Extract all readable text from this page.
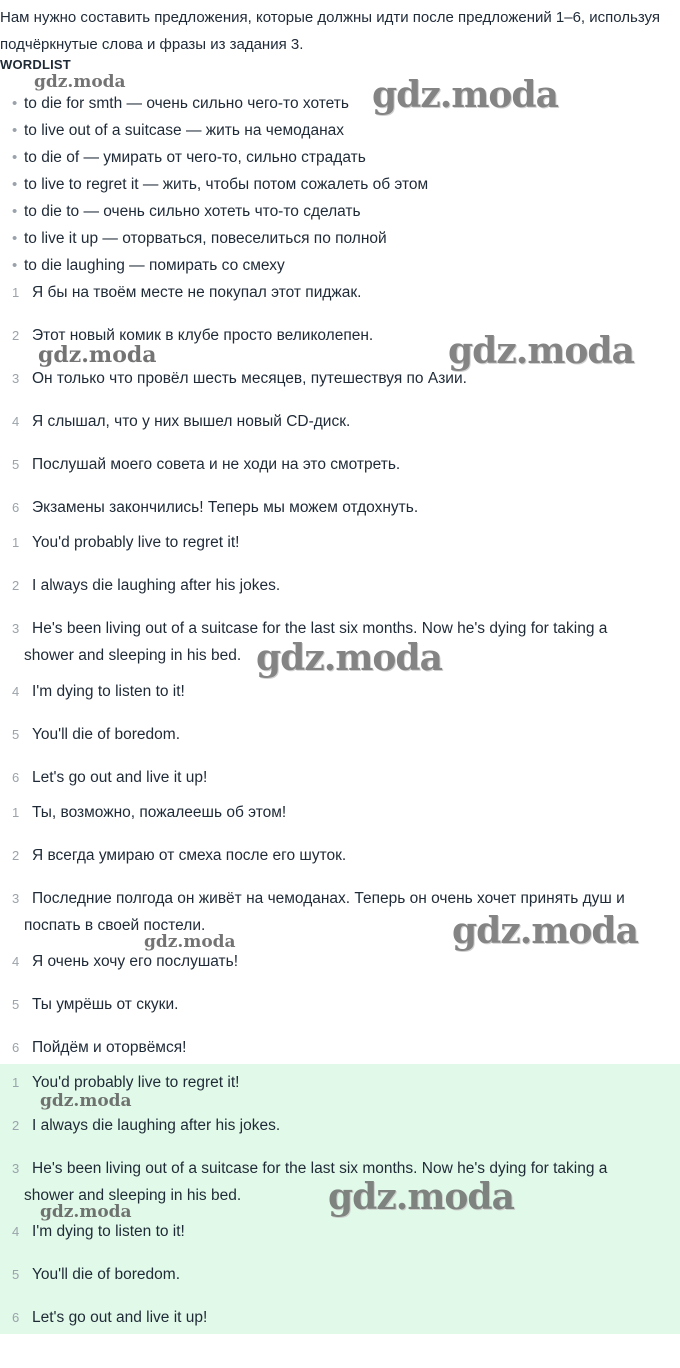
Нам нужно составить предложения, которые должны идти после предложений 1–6, используя подчёркнутые слова и фразы из задания 3.

WORDLIST
• to die for smth — очень сильно чего-то хотеть
• to live out of a suitcase — жить на чемоданах
• to die of — умирать от чего-то, сильно страдать
• to live to regret it — жить, чтобы потом сожалеть об этом
• to die to — очень сильно хотеть что-то сделать
• to live it up — оторваться, повеселиться по полной
• to die laughing — помирать со смеху
1 Я бы на твоём месте не покупал этот пиджак.
2 Этот новый комик в клубе просто великолепен.
3 Он только что провёл шесть месяцев, путешествуя по Азии.
4 Я слышал, что у них вышел новый CD-диск.
5 Послушай моего совета и не ходи на это смотреть.
6 Экзамены закончились! Теперь мы можем отдохнуть.
1 You'd probably live to regret it!
2 I always die laughing after his jokes.
3 He's been living out of a suitcase for the last six months. Now he's dying for taking a
shower and sleeping in his bed.
4 I'm dying to listen to it!
5 You'll die of boredom.
6 Let's go out and live it up!
1 Ты, возможно, пожалеешь об этом!
2 Я всегда умираю от смеха после его шуток.
3 Последние полгода он живёт на чемоданах. Теперь он очень хочет принять душ и
поспать в своей постели.
4 Я очень хочу его послушать!
5 Ты умрёшь от скуки.
6 Пойдём и оторвёмся!
1 You'd probably live to regret it!
2 I always die laughing after his jokes.
3 He's been living out of a suitcase for the last six months. Now he's dying for taking a
shower and sleeping in his bed.
4 I'm dying to listen to it!
5 You'll die of boredom.
6 Let's go out and live it up!
gdz.moda	gdz.moda
gdz.moda
gdz.moda
gdz.moda
gdz.moda	gdz.moda
gdz.moda
gdz.moda
gdz.moda
